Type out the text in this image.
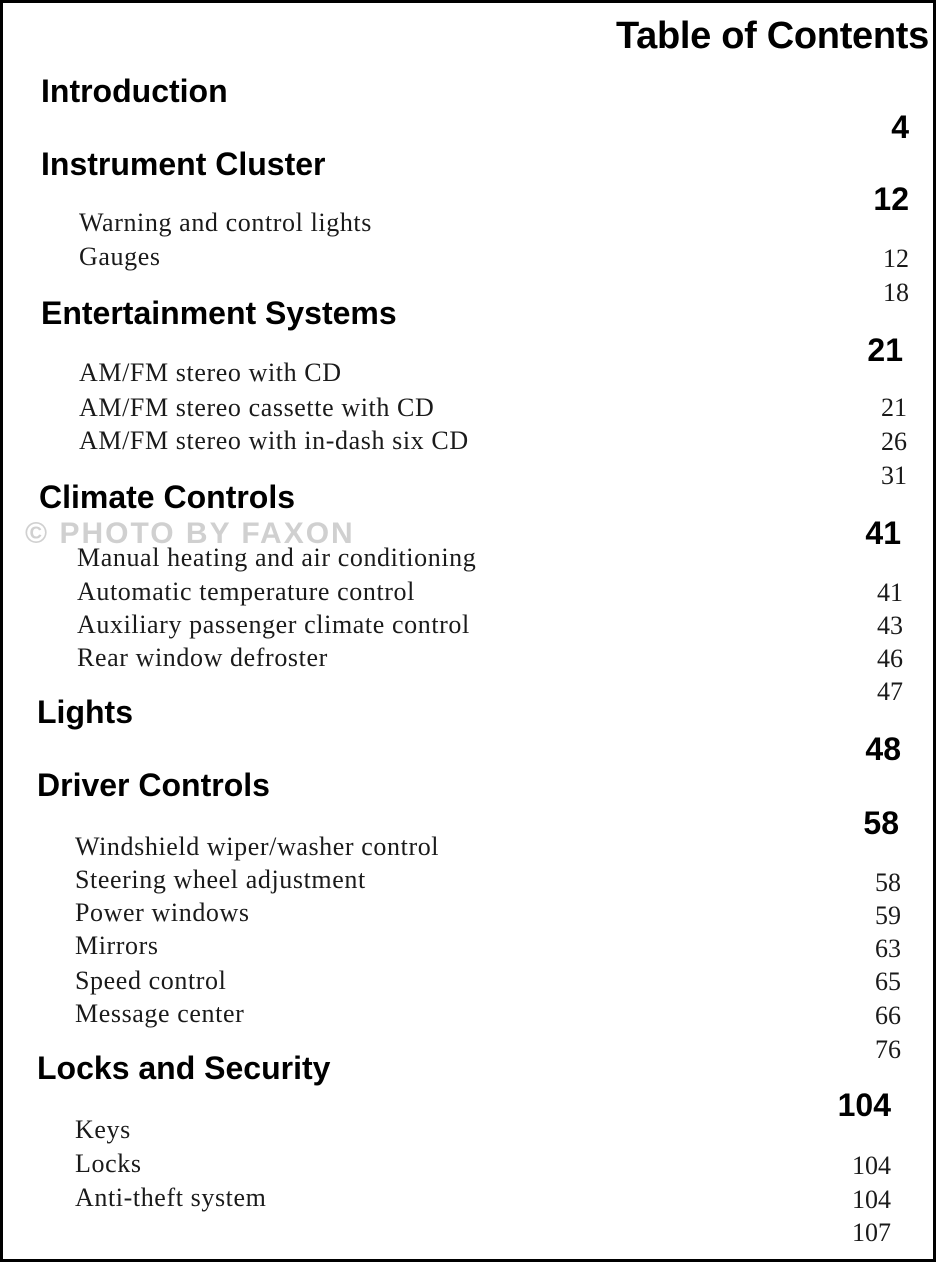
Table of Contents
Introduction
4
Instrument Cluster
12
Warning and control lights
Gauges	12
18
Entertainment Systems
21
AM/FM stereo with CD
AM/FM stereo cassette with CD
AM/FM stereo with in-dash six CD
21
26
31
Climate Controls
41
Manual heating and air conditioning
Automatic temperature control
Auxiliary passenger climate control
Rear window defroster
41
43
46
47
© PHOTO BY FAXON
Lights
48
Driver Controls
58
Windshield wiper/washer control
Steering wheel adjustment
Power windows
Mirrors
Speed control
Message center
58
59
63
65
66
76
Locks and Security
104
Keys
Locks
Anti-theft system
104
104
107
